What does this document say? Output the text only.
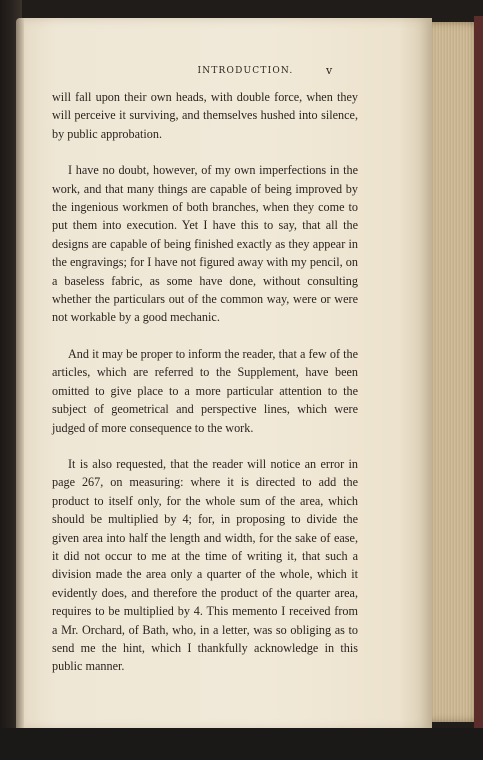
INTRODUCTION.	v

will fall upon their own heads, with double force, when they will perceive it surviving, and themselves hushed into silence, by public approbation.

I have no doubt, however, of my own imperfections in the work, and that many things are capable of being improved by the ingenious workmen of both branches, when they come to put them into execution. Yet I have this to say, that all the designs are capable of being finished exactly as they appear in the engravings; for I have not figured away with my pencil, on a baseless fabric, as some have done, without consulting whether the particulars out of the common way, were or were not workable by a good mechanic.

And it may be proper to inform the reader, that a few of the articles, which are referred to the Supplement, have been omitted to give place to a more particular attention to the subject of geometrical and perspective lines, which were judged of more consequence to the work.

It is also requested, that the reader will notice an error in page 267, on measuring: where it is directed to add the product to itself only, for the whole sum of the area, which should be multiplied by 4; for, in proposing to divide the given area into half the length and width, for the sake of ease, it did not occur to me at the time of writing it, that such a division made the area only a quarter of the whole, which it evidently does, and therefore the product of the quarter area, requires to be multiplied by 4. This memento I received from a Mr. Orchard, of Bath, who, in a letter, was so obliging as to send me the hint, which I thankfully acknowledge in this public manner.
